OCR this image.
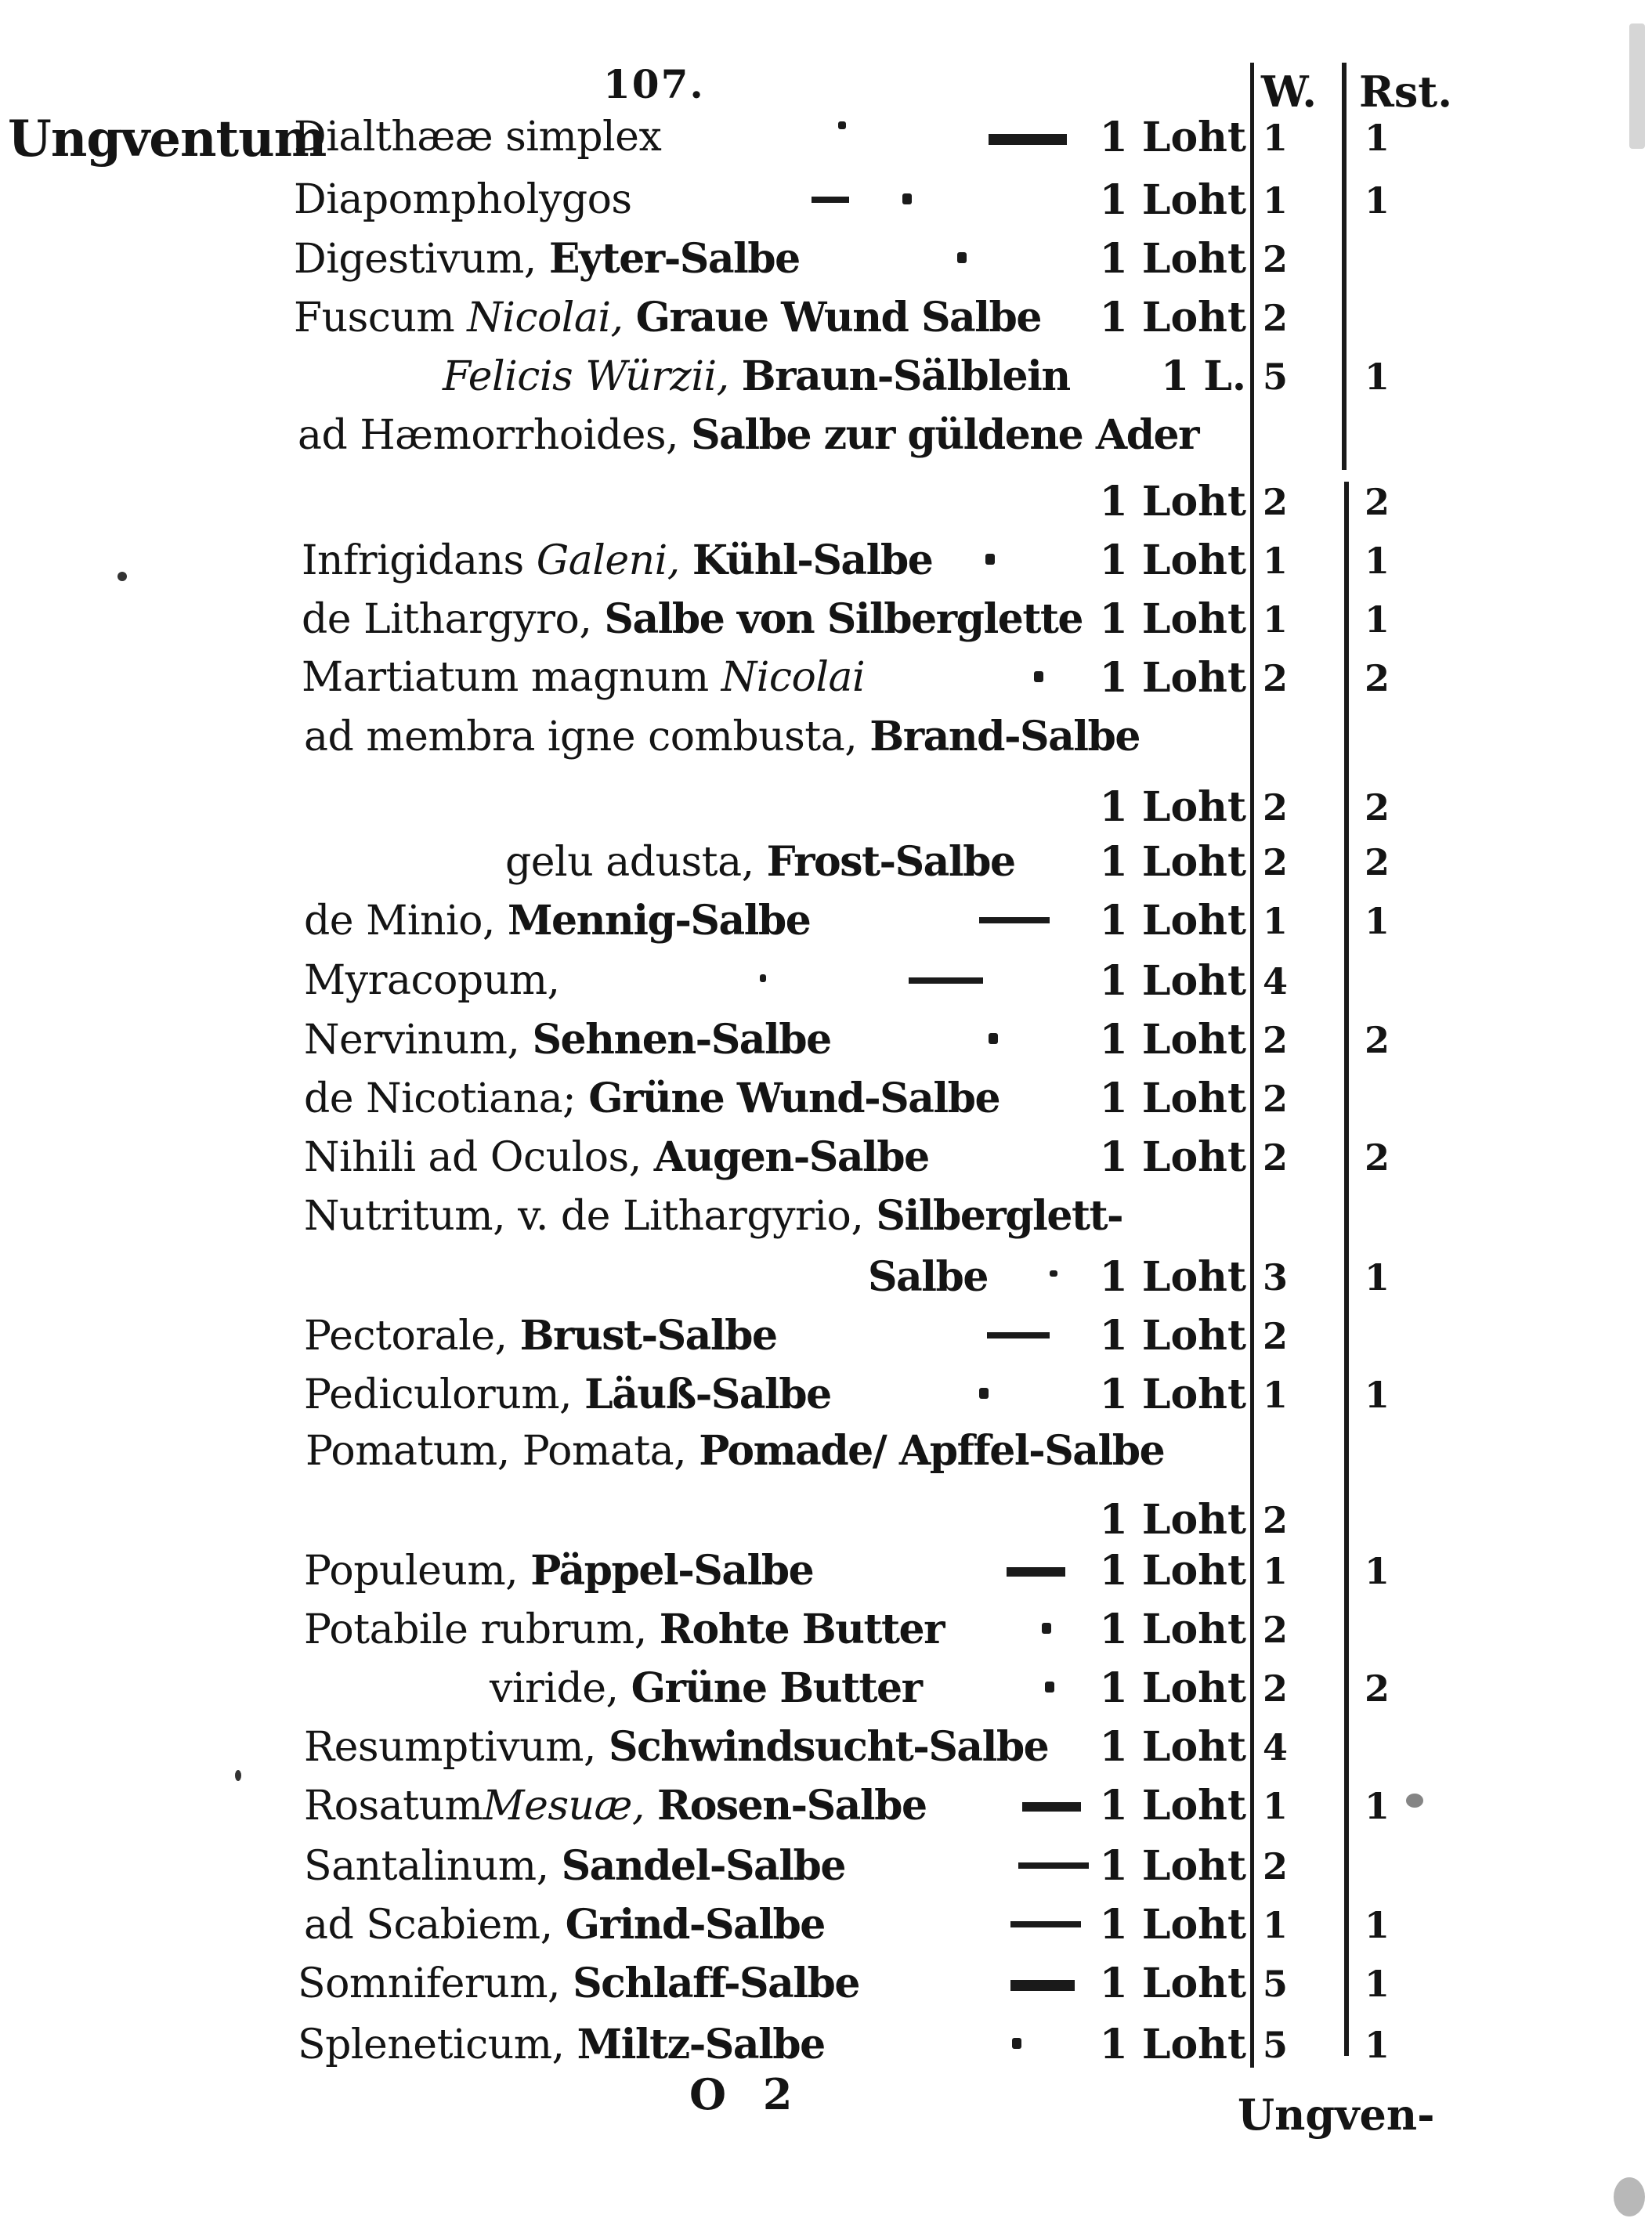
107.	W. Rst.
Ungventum
Dialthææ simplex	1 Loht 1 1
Diapompholygos	1 Loht 1 1
Digestivum, Eyter-Salbe	1 Loht 2
Fuscum Nicolai, Graue Wund Salbe 1 Loht 2
Felicis Würzii, Braun-Sälblein 1 L. 5 1
ad Hæmorrhoides, Salbe zur güldene Ader
1 Loht 2 2
Infrigidans Galeni, Kühl-Salbe	1 Loht 1 1
de Lithargyro, Salbe von Silberglette 1 Loht 1 1
Martiatum magnum Nicolai	1 Loht 2 2
ad membra igne combusta, Brand-Salbe
1 Loht 2 2
gelu adusta, Frost-Salbe 1 Loht 2 2
de Minio, Mennig-Salbe	1 Loht 1 1
Myracopum,	1 Loht 4
Nervinum, Sehnen-Salbe	1 Loht 2 2
de Nicotiana; Grüne Wund-Salbe 1 Loht 2
Nihili ad Oculos, Augen-Salbe	1 Loht 2 2
Nutritum, v. de Lithargyrio, Silberglett-
Salbe	1 Loht 3 1
Pectorale, Brust-Salbe	1 Loht 2
Pediculorum, Läuß-Salbe	1 Loht 1 1
Pomatum, Pomata, Pomade/ Apffel-Salbe
1 Loht 2
Populeum, Päppel-Salbe	1 Loht 1 1
Potabile rubrum, Rohte Butter	1 Loht 2
viride, Grüne Butter	1 Loht 2 2
Resumptivum, Schwindsucht-Salbe 1 Loht 4
RosatumMesuæ, Rosen-Salbe	1 Loht 1 1
Santalinum, Sandel-Salbe	1 Loht 2
ad Scabiem, Grind-Salbe	1 Loht 1 1
Somniferum, Schlaff-Salbe	1 Loht 5 1
Spleneticum, Miltz-Salbe	1 Loht 5 1
O 2	Ungven-
